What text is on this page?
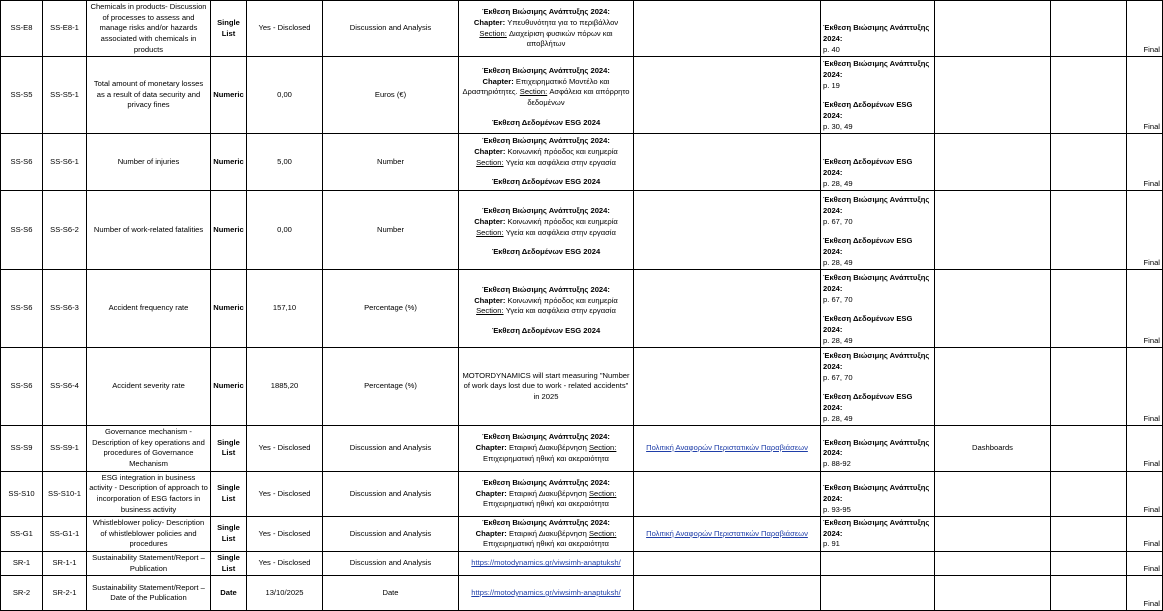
SS-E8	SS-E8-1	Chemicals in products- Discussion of processes to assess and manage risks and/or hazards associated with chemicals in products	Single List	Yes - Disclosed	Discussion and Analysis	Έκθεση Βιώσιμης Ανάπτυξης 2024:
Chapter: Υπευθυνότητα για το περιβάλλον Section: Διαχείριση φυσικών πόρων και αποβλήτων		Έκθεση Βιώσιμης Ανάπτυξης 2024:
p. 40			Final
SS-S5	SS-S5-1	Total amount of monetary losses as a result of data security and privacy fines	Numeric	0,00	Euros (€)	Έκθεση Βιώσιμης Ανάπτυξης 2024:
Chapter: Επιχειρηματικό Μοντέλο και Δραστηριότητες. Section: Ασφάλεια και απόρρητο δεδομένων
Έκθεση Δεδομένων ESG 2024		Έκθεση Βιώσιμης Ανάπτυξης 2024:
p. 19
Έκθεση Δεδομένων ESG 2024:
p. 30, 49			Final
SS-S6	SS-S6-1	Number of injuries	Numeric	5,00	Number	Έκθεση Βιώσιμης Ανάπτυξης 2024:
Chapter: Κοινωνική πρόοδος και ευημερία Section: Υγεία και ασφάλεια στην εργασία
Έκθεση Δεδομένων ESG 2024		Έκθεση Δεδομένων ESG 2024:
p. 28, 49			Final
SS-S6	SS-S6-2	Number of work-related fatalities	Numeric	0,00	Number	Έκθεση Βιώσιμης Ανάπτυξης 2024:
Chapter: Κοινωνική πρόοδος και ευημερία Section: Υγεία και ασφάλεια στην εργασία
Έκθεση Δεδομένων ESG 2024		Έκθεση Βιώσιμης Ανάπτυξης 2024:
p. 67, 70
Έκθεση Δεδομένων ESG 2024:
p. 28, 49			Final
SS-S6	SS-S6-3	Accident frequency rate	Numeric	157,10	Percentage (%)	Έκθεση Βιώσιμης Ανάπτυξης 2024:
Chapter: Κοινωνική πρόοδος και ευημερία Section: Υγεία και ασφάλεια στην εργασία
Έκθεση Δεδομένων ESG 2024		Έκθεση Βιώσιμης Ανάπτυξης 2024:
p. 67, 70
Έκθεση Δεδομένων ESG 2024:
p. 28, 49			Final
SS-S6	SS-S6-4	Accident severity rate	Numeric	1885,20	Percentage (%)	MOTORDYNAMICS will start measuring "Number of work days lost due to work - related accidents" in 2025		Έκθεση Βιώσιμης Ανάπτυξης 2024:
p. 67, 70
Έκθεση Δεδομένων ESG 2024:
p. 28, 49			Final
SS-S9	SS-S9-1	Governance mechanism - Description of key operations and procedures of Governance Mechanism	Single List	Yes - Disclosed	Discussion and Analysis	Έκθεση Βιώσιμης Ανάπτυξης 2024:
Chapter: Εταιρική Διακυβέρνηση Section: Επιχειρηματική ηθική και ακεραιότητα	Πολιτική Αναφορών Περιστατικών Παραβιάσεων	Έκθεση Βιώσιμης Ανάπτυξης 2024:
p. 88-92	Dashboards		Final
SS-S10	SS-S10-1	ESG integration in business activity - Description of approach to incorporation of ESG factors in business activity	Single List	Yes - Disclosed	Discussion and Analysis	Έκθεση Βιώσιμης Ανάπτυξης 2024:
Chapter: Εταιρική Διακυβέρνηση Section: Επιχειρηματική ηθική και ακεραιότητα		Έκθεση Βιώσιμης Ανάπτυξης 2024:
p. 93-95			Final
SS-G1	SS-G1-1	Whistleblower policy- Description of whistleblower policies and procedures	Single List	Yes - Disclosed	Discussion and Analysis	Έκθεση Βιώσιμης Ανάπτυξης 2024:
Chapter: Εταιρική Διακυβέρνηση Section: Επιχειρηματική ηθική και ακεραιότητα	Πολιτική Αναφορών Περιστατικών Παραβιάσεων	Έκθεση Βιώσιμης Ανάπτυξης 2024:
p. 91			Final
SR-1	SR-1-1	Sustainability Statement/Report – Publication	Single List	Yes - Disclosed	Discussion and Analysis	https://motodynamics.gr/viwsimh-anaptuksh/					Final
SR-2	SR-2-1	Sustainability Statement/Report – Date of the Publication	Date	13/10/2025	Date	https://motodynamics.gr/viwsimh-anaptuksh/					Final
